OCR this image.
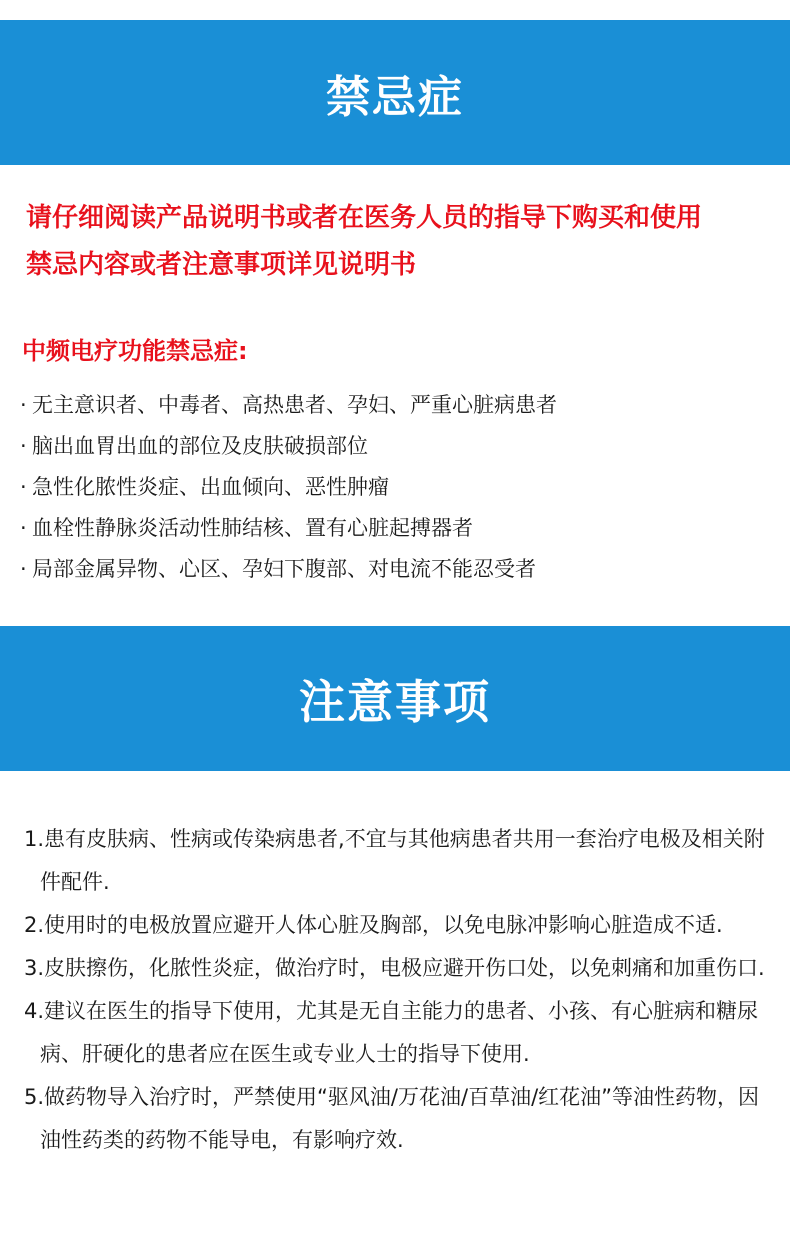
禁忌症
请仔细阅读产品说明书或者在医务人员的指导下购买和使用
禁忌内容或者注意事项详见说明书
中频电疗功能禁忌症:
· 无主意识者、中毒者、高热患者、孕妇、严重心脏病患者
· 脑出血胃出血的部位及皮肤破损部位
· 急性化脓性炎症、出血倾向、恶性肿瘤
· 血栓性静脉炎活动性肺结核、置有心脏起搏器者
· 局部金属异物、心区、孕妇下腹部、对电流不能忍受者
注意事项
1.患有皮肤病、性病或传染病患者,不宜与其他病患者共用一套治疗电极及相关附件配件.
2.使用时的电极放置应避开人体心脏及胸部，以免电脉冲影响心脏造成不适.
3.皮肤擦伤，化脓性炎症，做治疗时，电极应避开伤口处，以免刺痛和加重伤口.
4.建议在医生的指导下使用，尤其是无自主能力的患者、小孩、有心脏病和糖尿病、肝硬化的患者应在医生或专业人士的指导下使用.
5.做药物导入治疗时，严禁使用“驱风油/万花油/百草油/红花油”等油性药物，因油性药类的药物不能导电，有影响疗效.
